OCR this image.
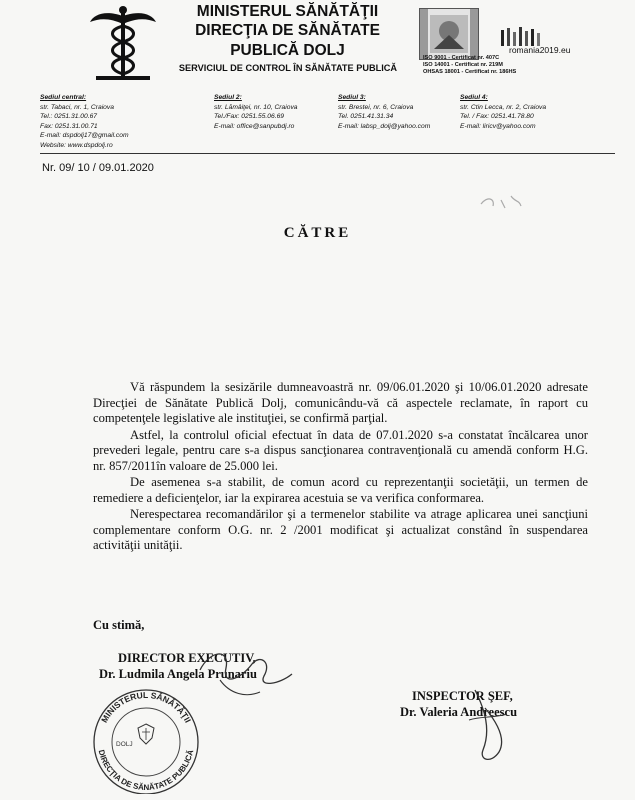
MINISTERUL SĂNĂTĂŢII
DIRECŢIA DE SĂNĂTATE
PUBLICĂ DOLJ
SERVICIUL DE CONTROL ÎN SĂNĂTATE PUBLICĂ
ISO 9001 - Certificat nr. 407C
ISO 14001 - Certificat nr. 219M
OHSAS 18001 - Certificat nr. 186HS
romania2019.eu
Sediul central:
str. Tabaci, nr. 1, Craiova
Tel.: 0251.31.00.67
Fax: 0251.31.00.71
E-mail: dspdolj17@gmail.com
Website: www.dspdolj.ro
Sediul 2:
str. Lămâiţei, nr. 10, Craiova
Tel./Fax: 0251.55.06.69
E-mail: office@sanpubdj.ro
Sediul 3:
str. Brestei, nr. 6, Craiova
Tel. 0251.41.31.34
E-mail: labsp_dolj@yahoo.com
Sediul 4:
str. Ctin Lecca, nr. 2, Craiova
Tel. / Fax: 0251.41.78.80
E-mail: liricv@yahoo.com
Nr. 09/ 10 / 09.01.2020
CĂTRE

Vă răspundem la sesizările dumneavoastră nr. 09/06.01.2020 şi 10/06.01.2020 adresate Direcţiei de Sănătate Publică Dolj, comunicându-vă că aspectele reclamate, în raport cu competenţele legislative ale instituţiei, se confirmă parţial.

Astfel, la controlul oficial efectuat în data de 07.01.2020 s-a constatat încălcarea unor prevederi legale, pentru care s-a dispus sancţionarea contravenţională cu amendă conform H.G. nr. 857/2011în valoare de 25.000 lei.

De asemenea s-a stabilit, de comun acord cu reprezentanţii societăţii, un termen de remediere a deficienţelor, iar la expirarea acestuia se va verifica conformarea.

Nerespectarea recomandărilor şi a termenelor stabilite va atrage aplicarea unei sancţiuni complementare conform O.G. nr. 2 /2001 modificat şi actualizat constând în suspendarea activităţii unităţii.

Cu stimă,
DIRECTOR EXECUTIV,
Dr. Ludmila Angela Prunariu
MINISTERUL SĂNĂTĂŢII
DIRECŢIA DE SĂNĂTATE PUBLICĂ
DOLJ
INSPECTOR ŞEF,
Dr. Valeria Andreescu
